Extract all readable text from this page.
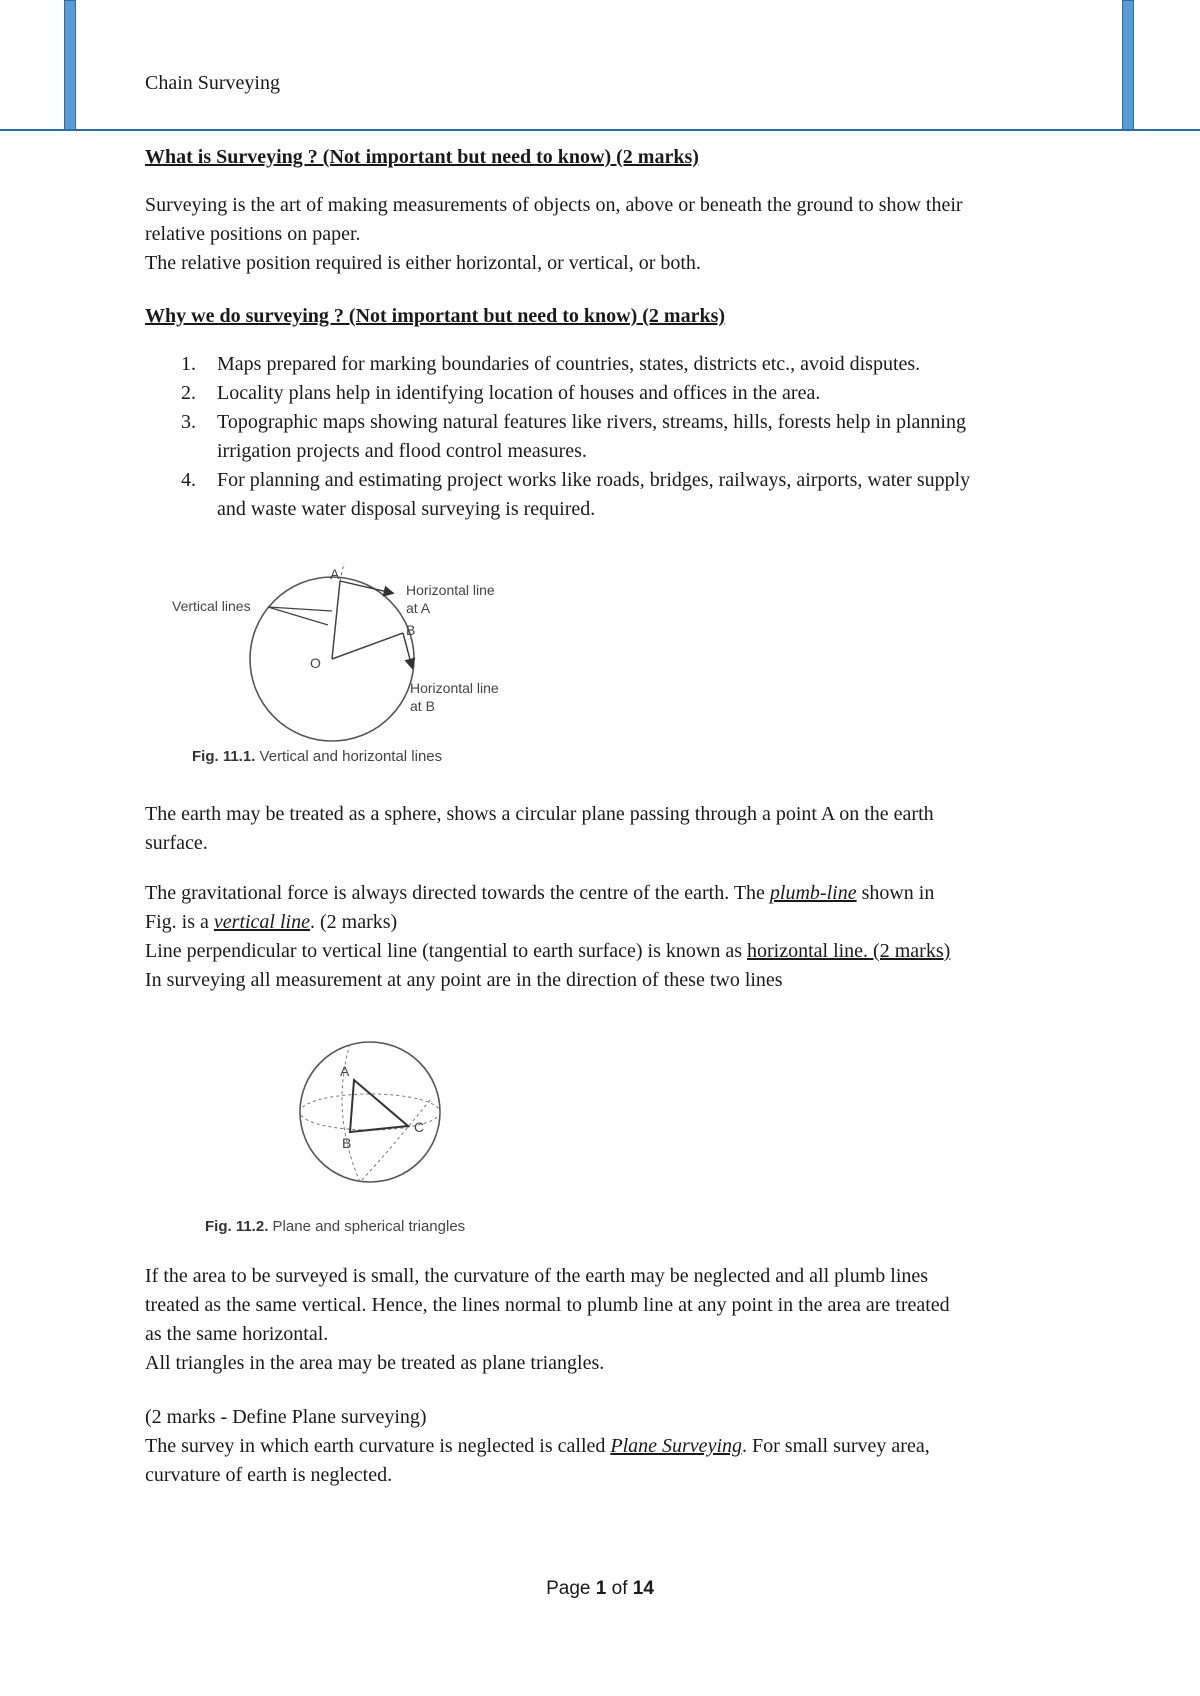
Chain Surveying

What is Surveying ? (Not important but need to know) (2 marks)

Surveying is the art of making measurements of objects on, above or beneath the ground to show their

relative positions on paper.

The relative position required is either horizontal, or vertical, or both.

Why we do surveying ? (Not important but need to know) (2 marks)

1. Maps prepared for marking boundaries of countries, states, districts etc., avoid disputes.
2. Locality plans help in identifying location of houses and offices in the area.
3. Topographic maps showing natural features like rivers, streams, hills, forests help in planning
irrigation projects and flood control measures.
4. For planning and estimating project works like roads, bridges, railways, airports, water supply
and waste water disposal surveying is required.
Vertical lines
A
Horizontal line
at A
B
O
Horizontal line
at B
Fig. 11.1. Vertical and horizontal lines

The earth may be treated as a sphere, shows a circular plane passing through a point A on the earth

surface.

The gravitational force is always directed towards the centre of the earth. The plumb-line shown in

Fig. is a vertical line. (2 marks)

Line perpendicular to vertical line (tangential to earth surface) is known as horizontal line. (2 marks)

In surveying all measurement at any point are in the direction of these two lines

A
B
C
Fig. 11.2. Plane and spherical triangles

If the area to be surveyed is small, the curvature of the earth may be neglected and all plumb lines

treated as the same vertical. Hence, the lines normal to plumb line at any point in the area are treated

as the same horizontal.

All triangles in the area may be treated as plane triangles.

(2 marks - Define Plane surveying)

The survey in which earth curvature is neglected is called Plane Surveying. For small survey area,

curvature of earth is neglected.

Page 1 of 14
